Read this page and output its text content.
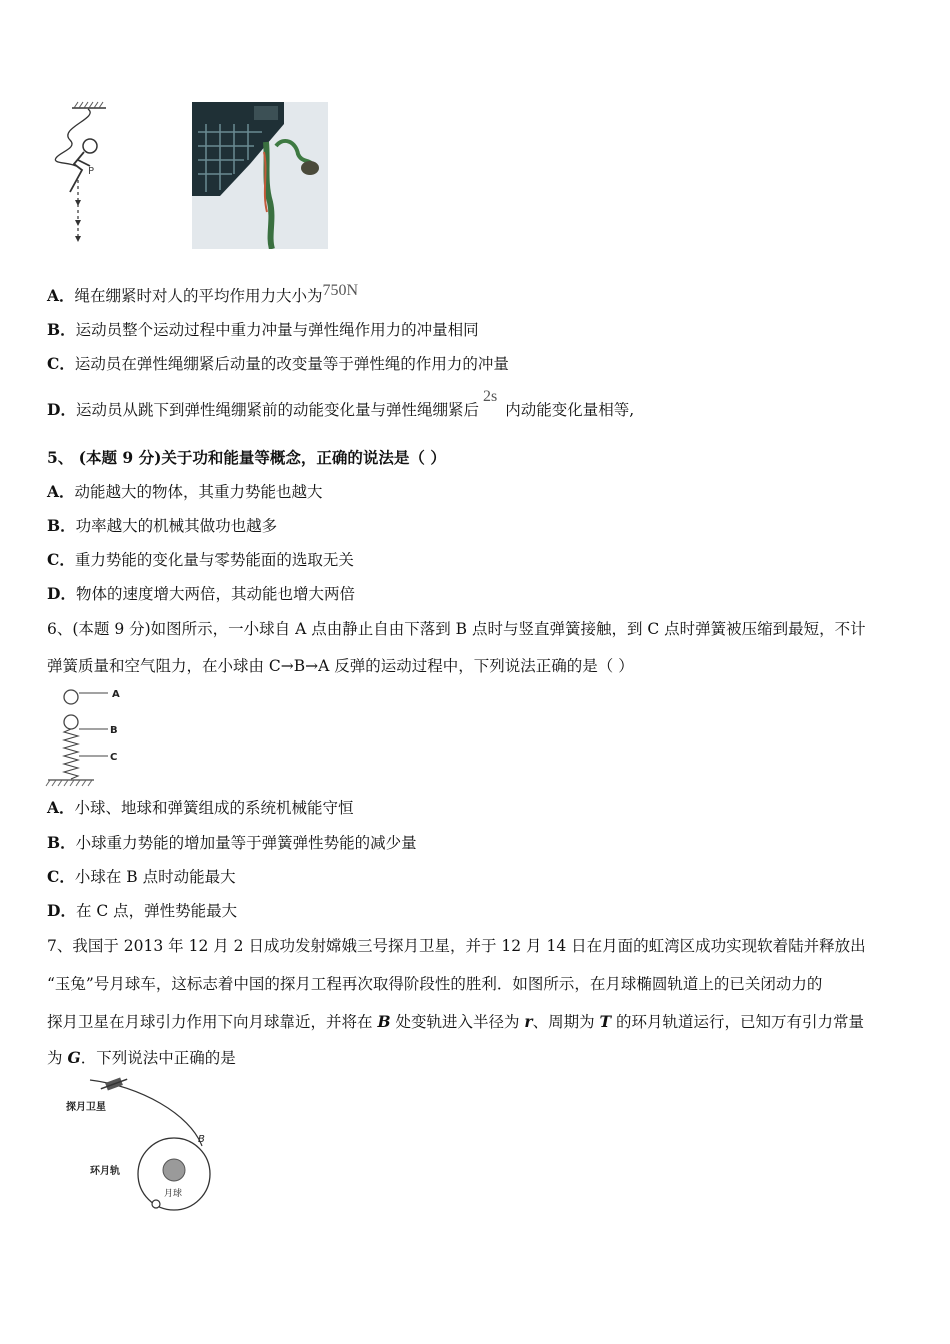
P
A．绳在绷紧时对人的平均作用力大小为750N
B．运动员整个运动过程中重力冲量与弹性绳作用力的冲量相同
C．运动员在弹性绳绷紧后动量的改变量等于弹性绳的作用力的冲量
D．运动员从跳下到弹性绳绷紧前的动能变化量与弹性绳绷紧后2s内动能变化量相等,
5、 (本题 9 分)关于功和能量等概念，正确的说法是（ ）
A．动能越大的物体，其重力势能也越大
B．功率越大的机械其做功也越多
C．重力势能的变化量与零势能面的选取无关
D．物体的速度增大两倍，其动能也增大两倍
6、(本题 9 分)如图所示，一小球自 A 点由静止自由下落到 B 点时与竖直弹簧接触，到 C 点时弹簧被压缩到最短，不计
弹簧质量和空气阻力，在小球由 C→B→A 反弹的运动过程中，下列说法正确的是（ ）
A
B
C
A．小球、地球和弹簧组成的系统机械能守恒
B．小球重力势能的增加量等于弹簧弹性势能的减少量
C．小球在 B 点时动能最大
D．在 C 点，弹性势能最大
7、我国于 2013 年 12 月 2 日成功发射嫦娥三号探月卫星，并于 12 月 14 日在月面的虹湾区成功实现软着陆并释放出
“玉兔”号月球车，这标志着中国的探月工程再次取得阶段性的胜利．如图所示，在月球椭圆轨道上的已关闭动力的
探月卫星在月球引力作用下向月球靠近，并将在 B 处变轨进入半径为 r、周期为 T 的环月轨道运行，已知万有引力常量
为 G．下列说法中正确的是
探月卫星
B
月球
环月轨
